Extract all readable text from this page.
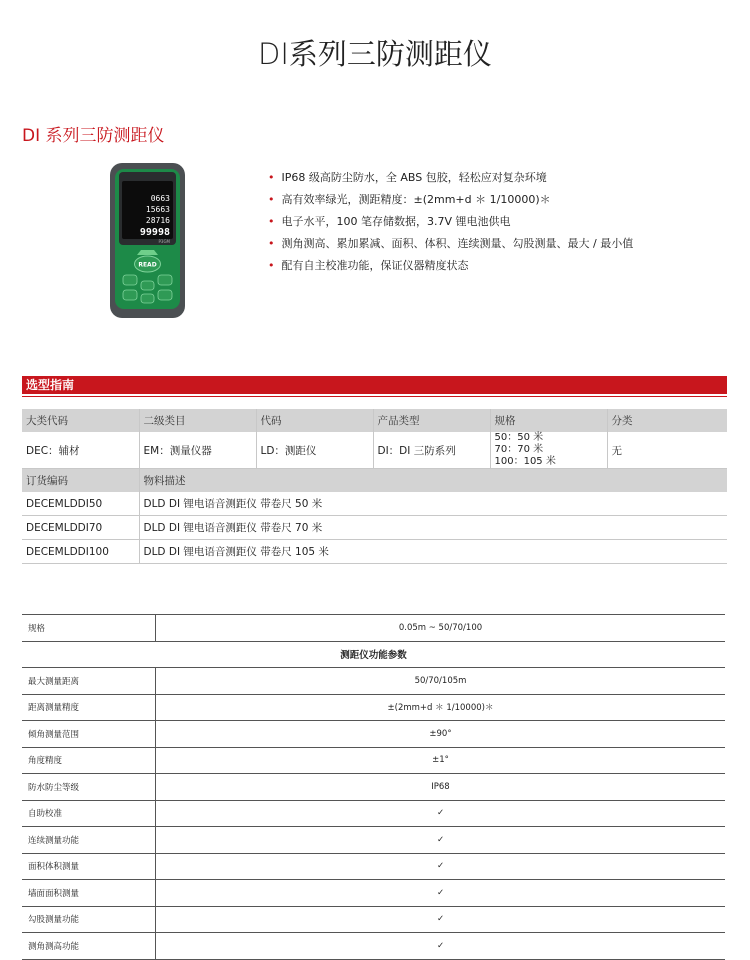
DI系列三防测距仪
DI 系列三防测距仪
0663
15663
28716
99998
P3GM
READ
• IP68 级高防尘防水，全 ABS 包胶，轻松应对复杂环境
• 高有效率绿光，测距精度：±(2mm+d ＊ 1/10000)＊
• 电子水平，100 笔存储数据，3.7V 锂电池供电
• 测角测高、累加累减、面积、体积、连续测量、勾股测量、最大 / 最小值
• 配有自主校准功能，保证仪器精度状态
选型指南
大类代码	二级类目	代码	产品类型	规格	分类
DEC：辅材	EM：测量仪器	LD：测距仪	DI：DI 三防系列	50：50 米
70：70 米
100：105 米	无
订货编码	物料描述				
DECEMLDDI50	DLD DI 锂电语音测距仪 带卷尺 50 米				
DECEMLDDI70	DLD DI 锂电语音测距仪 带卷尺 70 米				
DECEMLDDI100	DLD DI 锂电语音测距仪 带卷尺 105 米				
规格	0.05m ~ 50/70/100
测距仪功能参数	
最大测量距离	50/70/105m
距离测量精度	±(2mm+d ＊ 1/10000)＊
倾角测量范围	±90°
角度精度	±1°
防水防尘等级	IP68
自助校准	✓
连续测量功能	✓
面积体积测量	✓
墙面面积测量	✓
勾股测量功能	✓
测角测高功能	✓
